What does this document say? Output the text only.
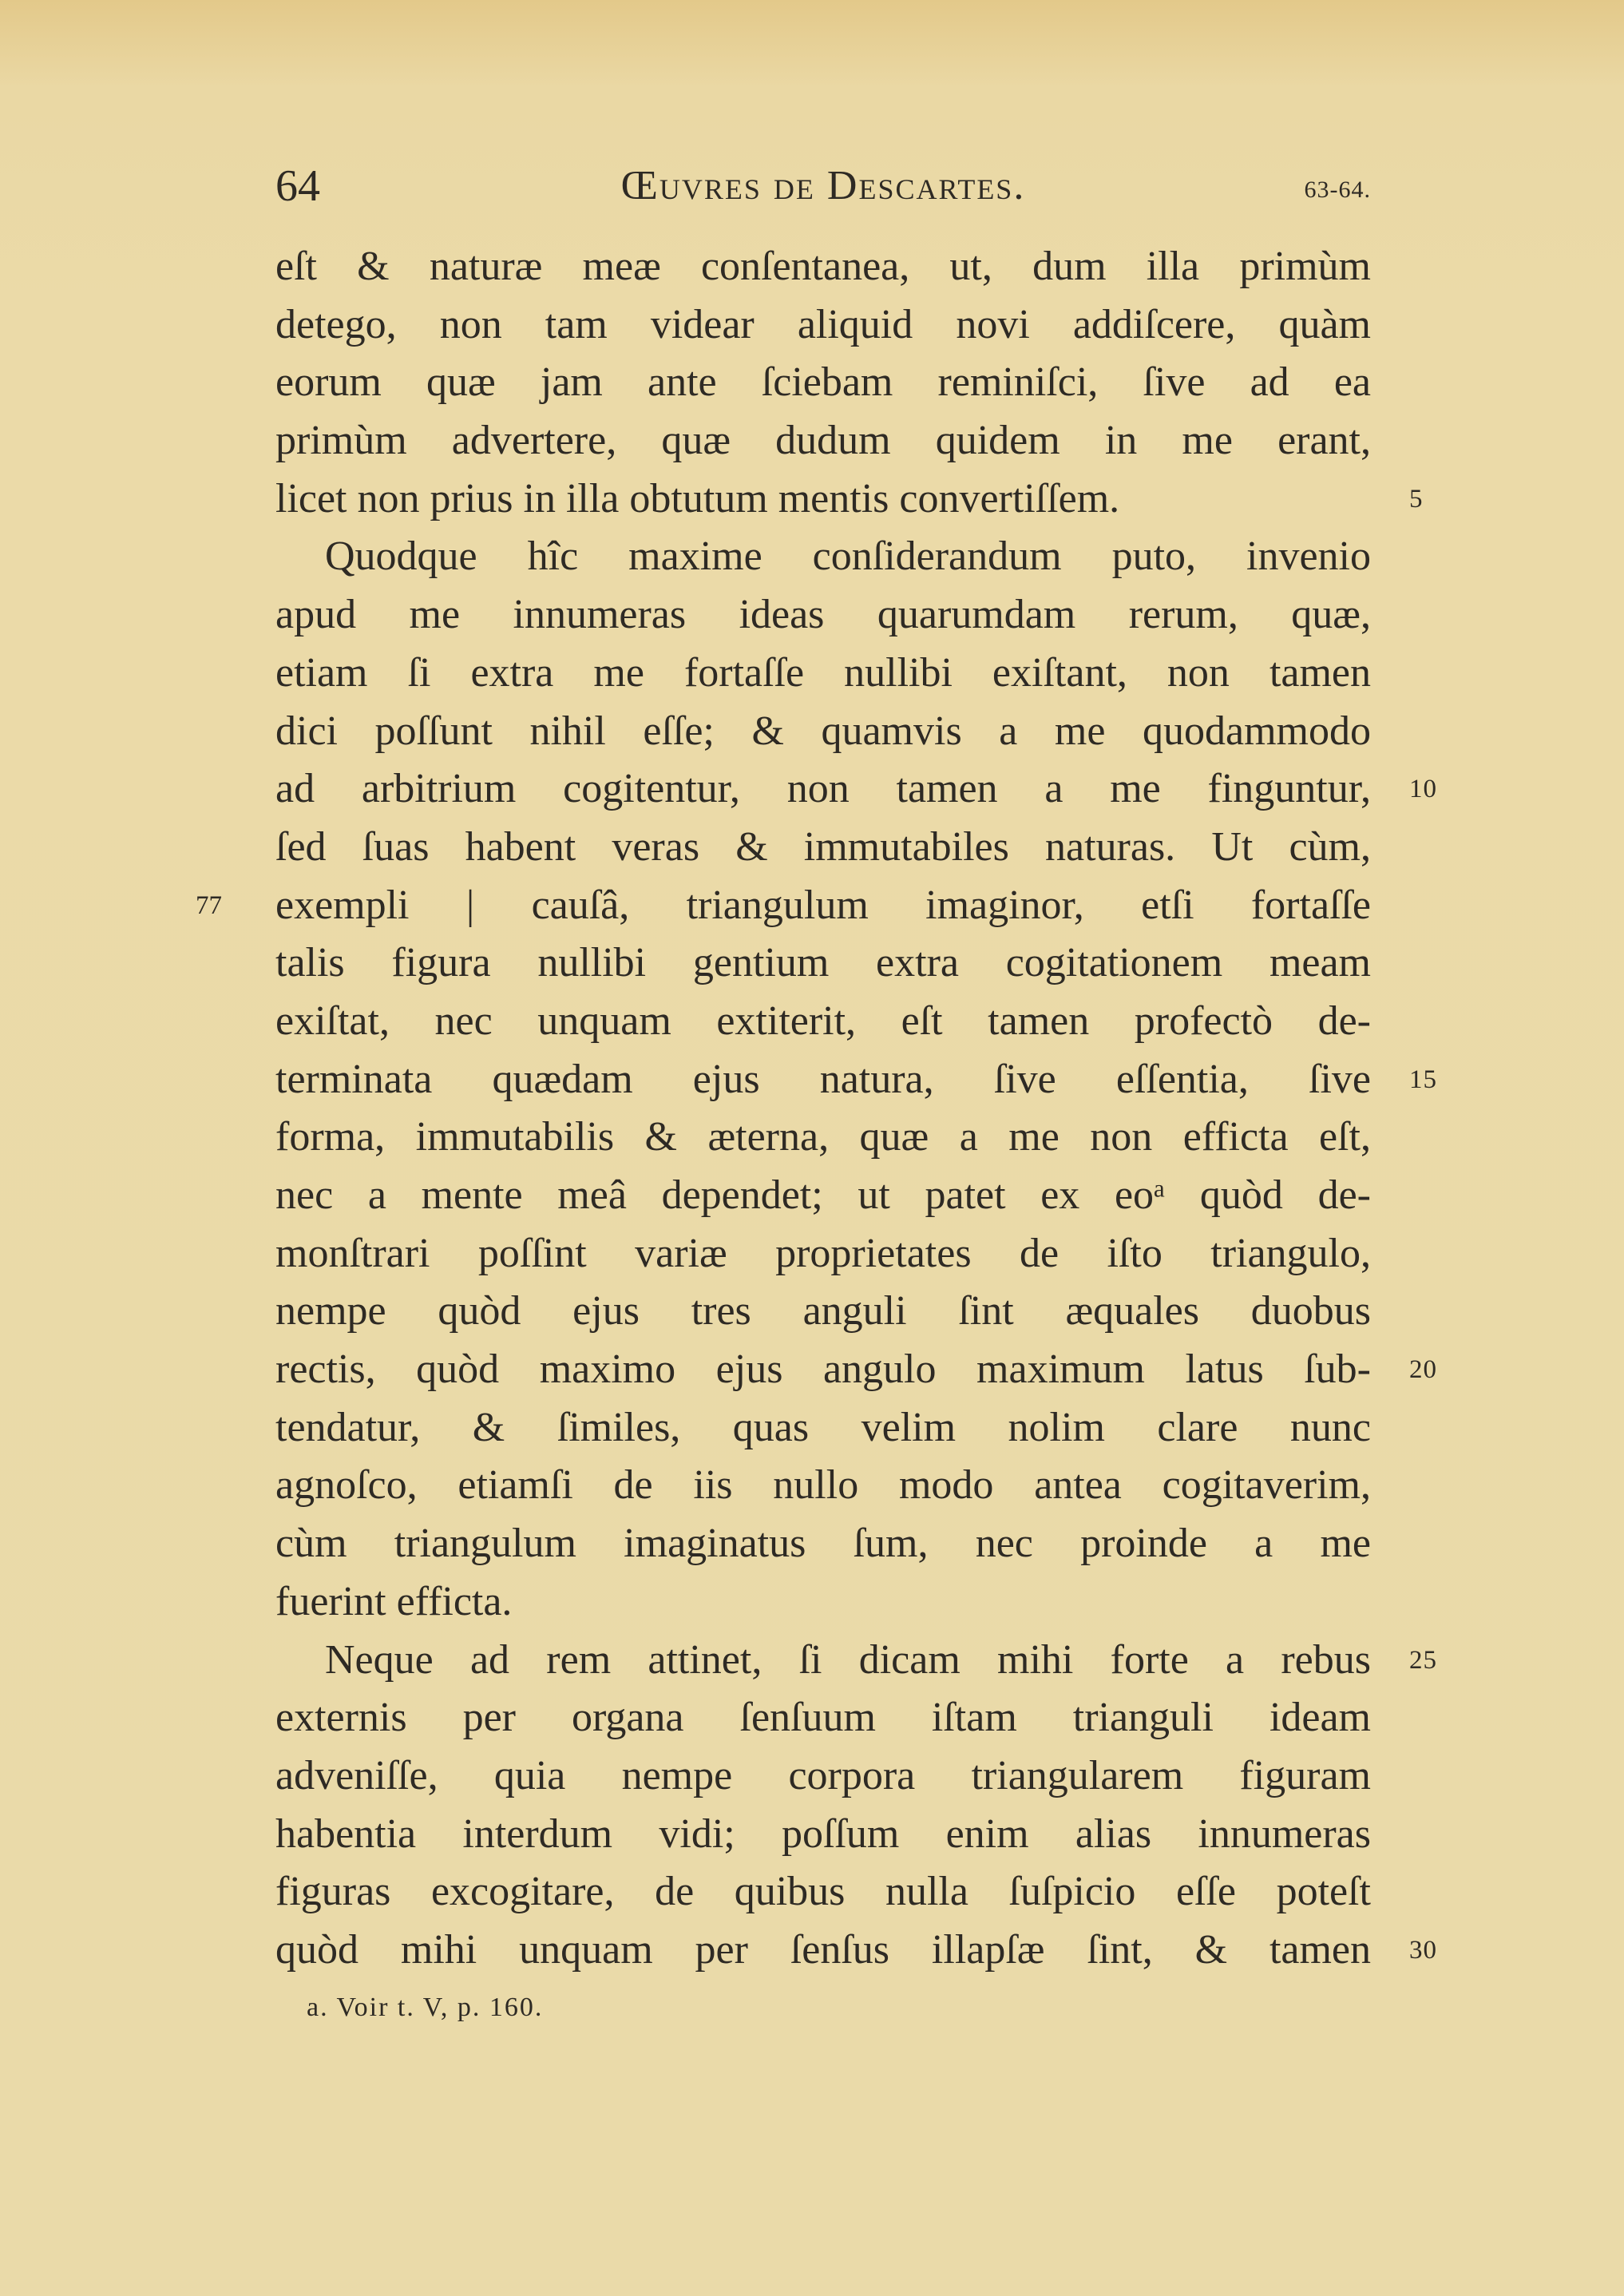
64	Œuvres de Descartes.	63-64.
eſt & naturæ meæ conſentanea, ut, dum illa primùm
detego, non tam videar aliquid novi addiſcere, quàm
eorum quæ jam ante ſciebam reminiſci, ſive ad ea
primùm advertere, quæ dudum quidem in me erant,
licet non prius in illa obtutum mentis convertiſſem.	5
Quodque hîc maxime conſiderandum puto, invenio
apud me innumeras ideas quarumdam rerum, quæ,
etiam ſi extra me fortaſſe nullibi exiſtant, non tamen
dici poſſunt nihil eſſe; & quamvis a me quodammodo
ad arbitrium cogitentur, non tamen a me finguntur, 10
ſed ſuas habent veras & immutabiles naturas. Ut cùm,
exempli | cauſâ, triangulum imaginor, etſi fortaſſe
77
talis figura nullibi gentium extra cogitationem meam
exiſtat, nec unquam extiterit, eſt tamen profectò de-
terminata quædam ejus natura, ſive eſſentia, ſive 15
forma, immutabilis & æterna, quæ a me non efficta eſt,
nec a mente meâ dependet; ut patet ex eoᵃ quòd de-
monſtrari poſſint variæ proprietates de iſto triangulo,
nempe quòd ejus tres anguli ſint æquales duobus
rectis, quòd maximo ejus angulo maximum latus ſub- 20
tendatur, & ſimiles, quas velim nolim clare nunc
agnoſco, etiamſi de iis nullo modo antea cogitaverim,
cùm triangulum imaginatus ſum, nec proinde a me
fuerint efficta.
Neque ad rem attinet, ſi dicam mihi forte a rebus 25
externis per organa ſenſuum iſtam trianguli ideam
adveniſſe, quia nempe corpora triangularem figuram
habentia interdum vidi; poſſum enim alias innumeras
figuras excogitare, de quibus nulla ſuſpicio eſſe poteſt
quòd mihi unquam per ſenſus illapſæ ſint, & tamen 30
a. Voir t. V, p. 160.
